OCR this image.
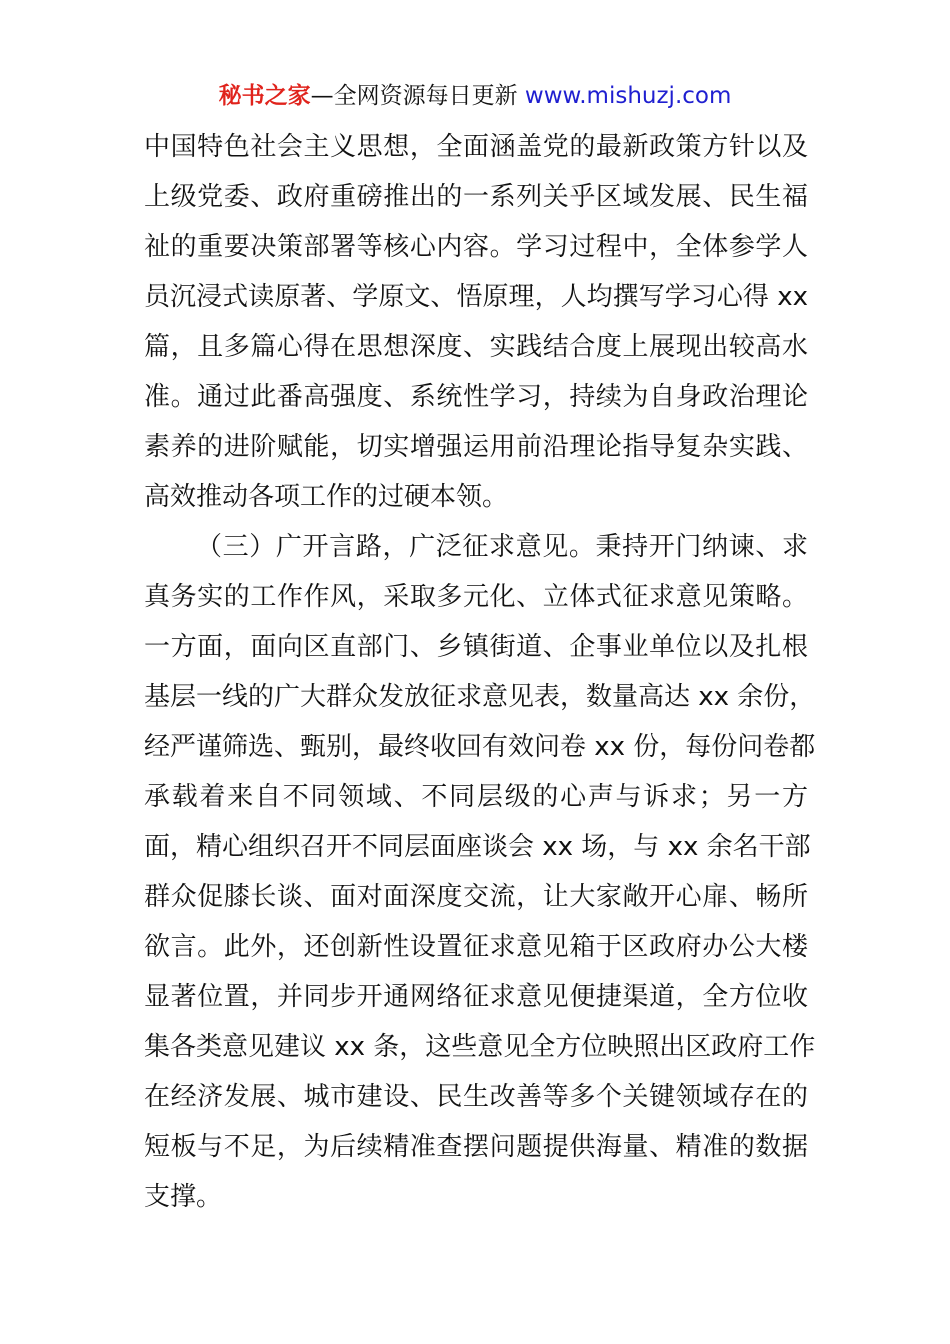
秘书之家—全网资源每日更新 www.mishuzj.com
中国特色社会主义思想，全面涵盖党的最新政策方针以及
上级党委、政府重磅推出的一系列关乎区域发展、民生福
祉的重要决策部署等核心内容。学习过程中，全体参学人
员沉浸式读原著、学原文、悟原理，人均撰写学习心得 xx
篇，且多篇心得在思想深度、实践结合度上展现出较高水
准。通过此番高强度、系统性学习，持续为自身政治理论
素养的进阶赋能，切实增强运用前沿理论指导复杂实践、
高效推动各项工作的过硬本领。
（三）广开言路，广泛征求意见。秉持开门纳谏、求
真务实的工作作风，采取多元化、立体式征求意见策略。
一方面，面向区直部门、乡镇街道、企事业单位以及扎根
基层一线的广大群众发放征求意见表，数量高达 xx 余份，
经严谨筛选、甄别，最终收回有效问卷 xx 份，每份问卷都
承载着来自不同领域、不同层级的心声与诉求；另一方
面，精心组织召开不同层面座谈会 xx 场，与 xx 余名干部
群众促膝长谈、面对面深度交流，让大家敞开心扉、畅所
欲言。此外，还创新性设置征求意见箱于区政府办公大楼
显著位置，并同步开通网络征求意见便捷渠道，全方位收
集各类意见建议 xx 条，这些意见全方位映照出区政府工作
在经济发展、城市建设、民生改善等多个关键领域存在的
短板与不足，为后续精准查摆问题提供海量、精准的数据
支撑。
